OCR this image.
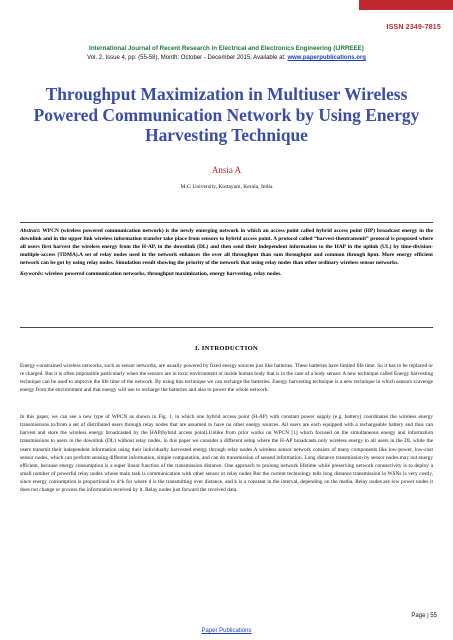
ISSN 2349-7815
International Journal of Recent Research in Electrical and Electronics Engineering (IJRREEE)
Vol. 2, Issue 4, pp: (55-58), Month: October - December 2015, Available at: www.paperpublications.org
Throughput Maximization in Multiuser Wireless Powered Communication Network by Using Energy Harvesting Technique
Ansia A
M.G University, Kottayam, Kerala, India
Abstract: WPCN (wireless powered communication network) is the newly emerging network in which an access point called hybrid access point (HP) broadcast energy in the downlink and in the upper link wireless information transfer take place from sensors to hybrid access point. A protocol called “harvest-thentransmit” protocol is proposed where all users first harvest the wireless energy from the H-AP, in the downlink (DL) and then send their independent information to the HAP in the uplink (UL) by time-division-multiple-access (TDMA).A set of relay nodes used in the network enhances the over all throughput than sum throughput and common through hput. More energy efficient network can be got by using relay nodes. Simulation result showing the priority of the network that using relay nodes than other ordinary wireless sensor networks.
Keywords: wireless powered communication networks, throughput maximization, energy harvesting, relay nodes.
I. INTRODUCTION
Energy-constrained wireless networks, such as sensor networks, are usually powered by fixed energy sources just like batteries. These batteries have limited life time. So it has to be replaced or re charged. But it is often impossible particularly when the sensors are in toxic environment or inside human body that is in the case of a body sensor. A new technique called Energy harvesting technique can be used to improve the life time of the network. By using this technique we can recharge the batteries. Energy harvesting technique is a new technique in which sensors scavenge energy from the environment and that energy will use to recharge the batteries and also to power the whole network.
In this paper, we can see a new type of WPCN as shown in Fig. 1, in which one hybrid access point (H-AP) with constant power supply (e.g. battery) coordinates the wireless energy transmissions to/from a set of distributed users through relay nodes that are assumed to have no other energy sources. All users are each equipped with a rechargeable battery and thus can harvest and store the wireless energy broadcasted by the HAP(hybrid access point).Unlike from prior works on WPCN [1] which focused on the simultaneous energy and information transmissions to users in the downlink (DL) without relay nodes, in this paper we consider a different setup where the H-AP broadcasts only wireless energy to all users in the DL while the users transmit their independent information using their individually harvested energy through relay nodes.A wireless sensor network consists of many components like low-power, low-cost sensor nodes, which can perform sensing different information, simple computation, and can do transmission of sensed information. Long distance transmission by sensor nodes may not energy efficient, because energy consumption is a super linear function of the transmission distance. One approach to prolong network lifetime while preserving network connectivity is to deploy a small number of powerful relay nodes whose main task is communication with other sensor or relay nodes But the current technology tells long distance transmission in WSNs is very costly, since energy consumption is proportional to d^k for where d is the transmitting over distance, and k is a constant in the interval, depending on the media. Relay nodes are low power nodes it does not change or process the information received by it. Relay nodes just forward the received data.
Page | 55
Paper Publications
